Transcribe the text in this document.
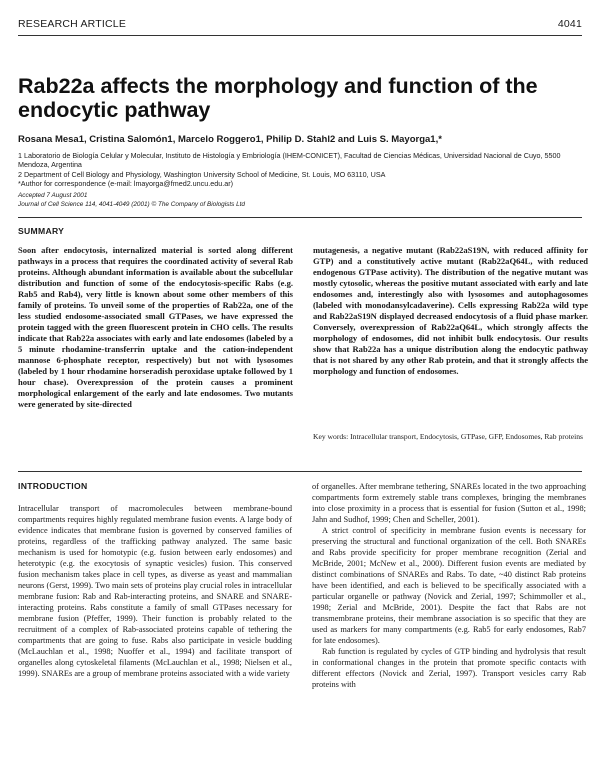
RESEARCH ARTICLE	4041
Rab22a affects the morphology and function of the endocytic pathway
Rosana Mesa1, Cristina Salomón1, Marcelo Roggero1, Philip D. Stahl2 and Luis S. Mayorga1,*

1 Laboratorio de Biología Celular y Molecular, Instituto de Histología y Embriología (IHEM-CONICET), Facultad de Ciencias Médicas, Universidad Nacional de Cuyo, 5500 Mendoza, Argentina

2 Department of Cell Biology and Physiology, Washington University School of Medicine, St. Louis, MO 63110, USA

*Author for correspondence (e-mail: lmayorga@fmed2.uncu.edu.ar)

Accepted 7 August 2001

Journal of Cell Science 114, 4041-4049 (2001) © The Company of Biologists Ltd

SUMMARY

Soon after endocytosis, internalized material is sorted along different pathways in a process that requires the coordinated activity of several Rab proteins. Although abundant information is available about the subcellular distribution and function of some of the endocytosis-specific Rabs (e.g. Rab5 and Rab4), very little is known about some other members of this family of proteins. To unveil some of the properties of Rab22a, one of the less studied endosome-associated small GTPases, we have expressed the protein tagged with the green fluorescent protein in CHO cells. The results indicate that Rab22a associates with early and late endosomes (labeled by a 5 minute rhodamine-transferrin uptake and the cation-independent mannose 6-phosphate receptor, respectively) but not with lysosomes (labeled by 1 hour rhodamine horseradish peroxidase uptake followed by 1 hour chase). Overexpression of the protein causes a prominent morphological enlargement of the early and late endosomes. Two mutants were generated by site-directed

mutagenesis, a negative mutant (Rab22aS19N, with reduced affinity for GTP) and a constitutively active mutant (Rab22aQ64L, with reduced endogenous GTPase activity). The distribution of the negative mutant was mostly cytosolic, whereas the positive mutant associated with early and late endosomes and, interestingly also with lysosomes and autophagosomes (labeled with monodansylcadaverine). Cells expressing Rab22a wild type and Rab22aS19N displayed decreased endocytosis of a fluid phase marker. Conversely, overexpression of Rab22aQ64L, which strongly affects the morphology of endosomes, did not inhibit bulk endocytosis. Our results show that Rab22a has a unique distribution along the endocytic pathway that is not shared by any other Rab protein, and that it strongly affects the morphology and function of endosomes.

Key words: Intracellular transport, Endocytosis, GTPase, GFP, Endosomes, Rab proteins
INTRODUCTION

Intracellular transport of macromolecules between membrane-bound compartments requires highly regulated membrane fusion events. A large body of evidence indicates that membrane fusion is governed by conserved families of proteins, regardless of the trafficking pathway analyzed. The same basic mechanism is used for homotypic (e.g. fusion between early endosomes) and heterotypic (e.g. the exocytosis of synaptic vesicles) fusion. This conserved fusion mechanism takes place in cell types, as diverse as yeast and mammalian neurons (Gerst, 1999). Two main sets of proteins play crucial roles in intracellular membrane fusion: Rab and Rab-interacting proteins, and SNARE and SNARE-interacting proteins. Rabs constitute a family of small GTPases necessary for membrane fusion (Pfeffer, 1999). Their function is probably related to the recruitment of a complex of Rab-associated proteins capable of tethering the compartments that are going to fuse. Rabs also participate in vesicle budding (McLauchlan et al., 1998; Nuoffer et al., 1994) and facilitate transport of organelles along cytoskeletal filaments (McLauchlan et al., 1998; Nielsen et al., 1999). SNAREs are a group of membrane proteins associated with a wide variety

of organelles. After membrane tethering, SNAREs located in the two approaching compartments form extremely stable trans complexes, bringing the membranes into close proximity in a process that is essential for fusion (Sutton et al., 1998; Jahn and Sudhof, 1999; Chen and Scheller, 2001).

A strict control of specificity in membrane fusion events is necessary for preserving the structural and functional organization of the cell. Both SNAREs and Rabs provide specificity for proper membrane recognition (Zerial and McBride, 2001; McNew et al., 2000). Different fusion events are mediated by distinct combinations of SNAREs and Rabs. To date, ~40 distinct Rab proteins have been identified, and each is believed to be specifically associated with a particular organelle or pathway (Novick and Zerial, 1997; Schimmoller et al., 1998; Zerial and McBride, 2001). Despite the fact that Rabs are not transmembrane proteins, their membrane association is so specific that they are used as markers for many compartments (e.g. Rab5 for early endosomes, Rab7 for late endosomes).

Rab function is regulated by cycles of GTP binding and hydrolysis that result in conformational changes in the protein that promote specific contacts with different effectors (Novick and Zerial, 1997). Transport vesicles carry Rab proteins with
